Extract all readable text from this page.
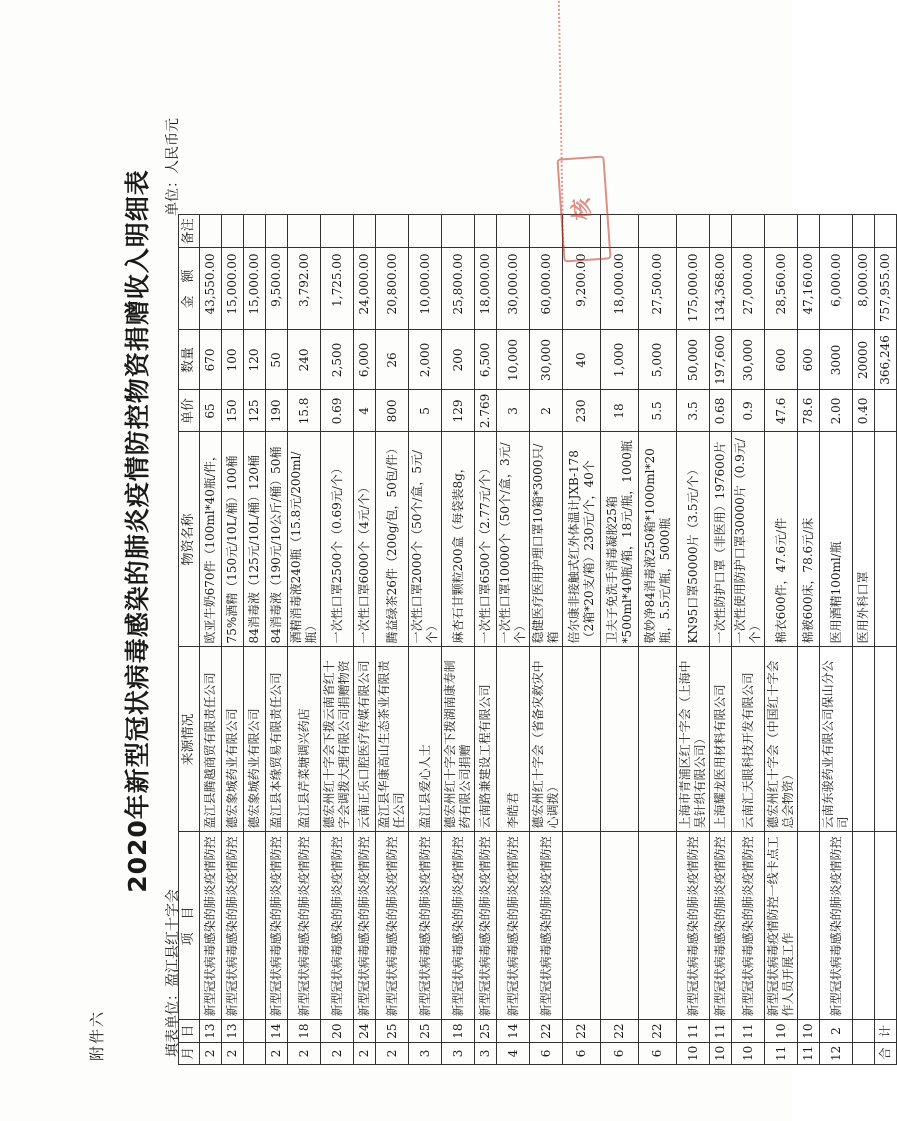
附件六
2020年新型冠状病毒感染的肺炎疫情防控物资捐赠收入明细表
填表单位：盈江县红十字会
单位：人民币元
月	日	项　目	来源情况	物资名称	单价	数量	金　额	备注
2	13	新型冠状病毒感染的肺炎疫情防控	盈江县腾越商贸有限责任公司	欧亚牛奶670件（100ml*40瓶/件，	65	670	43,550.00	
2	13	新型冠状病毒感染的肺炎疫情防控	德宏象城药业有限公司	75%酒精（150元/10L/桶）100桶	150	100	15,000.00	
			德宏象城药业有限公司	84消毒液（125元/10L/桶）120桶	125	120	15,000.00	
2	14	新型冠状病毒感染的肺炎疫情防控	盈江县本缘贸易有限责任公司	84消毒液（190元/10公斤/桶）50桶	190	50	9,500.00	
2	18	新型冠状病毒感染的肺炎疫情防控	盈江县芹菜塘调兴药店	酒精消毒液240瓶（15.8元/200ml/瓶）	15.8	240	3,792.00	
2	20	新型冠状病毒感染的肺炎疫情防控	德宏州红十字会下拨云南省红十字会调拨大理有限公司捐赠物资	一次性口罩2500个（0.69元/个）	0.69	2,500	1,725.00	
2	24	新型冠状病毒感染的肺炎疫情防控	云南正乐口腔医疗传媒有限公司	一次性口罩6000个（4元/个）	4	6,000	24,000.00	
2	25	新型冠状病毒感染的肺炎疫情防控	盈江县华康高山生态茶业有限责任公司	腾益绿茶26件（200g/包，50包/件）	800	26	20,800.00	
3	25	新型冠状病毒感染的肺炎疫情防控	盈江县爱心人士	一次性口罩2000个（50个/盒，5元/个）	5	2,000	10,000.00	
3	18	新型冠状病毒感染的肺炎疫情防控	德宏州红十字会下拨湖南康寿制药有限公司捐赠	麻杏石甘颗粒200盒（每袋装8g，	129	200	25,800.00	
3	25	新型冠状病毒感染的肺炎疫情防控	云南路兼建设工程有限公司	一次性口罩6500个（2.77元/个）	2.769	6,500	18,000.00	
4	14	新型冠状病毒感染的肺炎疫情防控	李皓君	一次性口罩10000个（50个/盒，3元/个）	3	10,000	30,000.00	
6	22	新型冠状病毒感染的肺炎疫情防控	德宏州红十字会（省备灾救灾中心调拨）	稳健医疗医用护理口罩10箱*3000只/箱	2	30,000	60,000.00	
6	22			倍尔康非接触式红外体温计JXB-178（2箱*20支/箱）230元/个，40个	230	40	9,200.00	
6	22			卫夫子免洗手消毒凝胶25箱*500ml*40瓶/箱，18元/瓶，1000瓶	18	1,000	18,000.00	
6	22			敬妙净84消毒液250箱*1000ml*20瓶，5.5元/瓶，5000瓶	5.5	5,000	27,500.00	
10	11	新型冠状病毒感染的肺炎疫情防控	上海市青浦区红十字会（上海中昊针织有限公司）	KN95口罩50000片（3.5元/个）	3.5	50,000	175,000.00	
10	11	新型冠状病毒感染的肺炎疫情防控	上海耀龙医用材料有限公司	一次性防护口罩（非医用）197600片	0.68	197,600	134,368.00	
10	11	新型冠状病毒感染的肺炎疫情防控	云南汇天眼科技开发有限公司	一次性使用防护口罩30000片（0.9元/个）	0.9	30,000	27,000.00	
11	10	新型冠状病毒疫情防控一线卡点工作人员开展工作	德宏州红十字会（中国红十字会总会物资）	棉衣600件，47.6元/件	47.6	600	28,560.00	
11	10			棉被600床，78.6元/床	78.6	600	47,160.00	
12	2	新型冠状病毒感染的肺炎疫情防控	云南东骏药业有限公司保山分公司	医用酒精100ml/瓶	2.00	3000	6,000.00	
				医用外科口罩	0.40	20000	8,000.00	
合	计					366,246	757,955.00	
核
